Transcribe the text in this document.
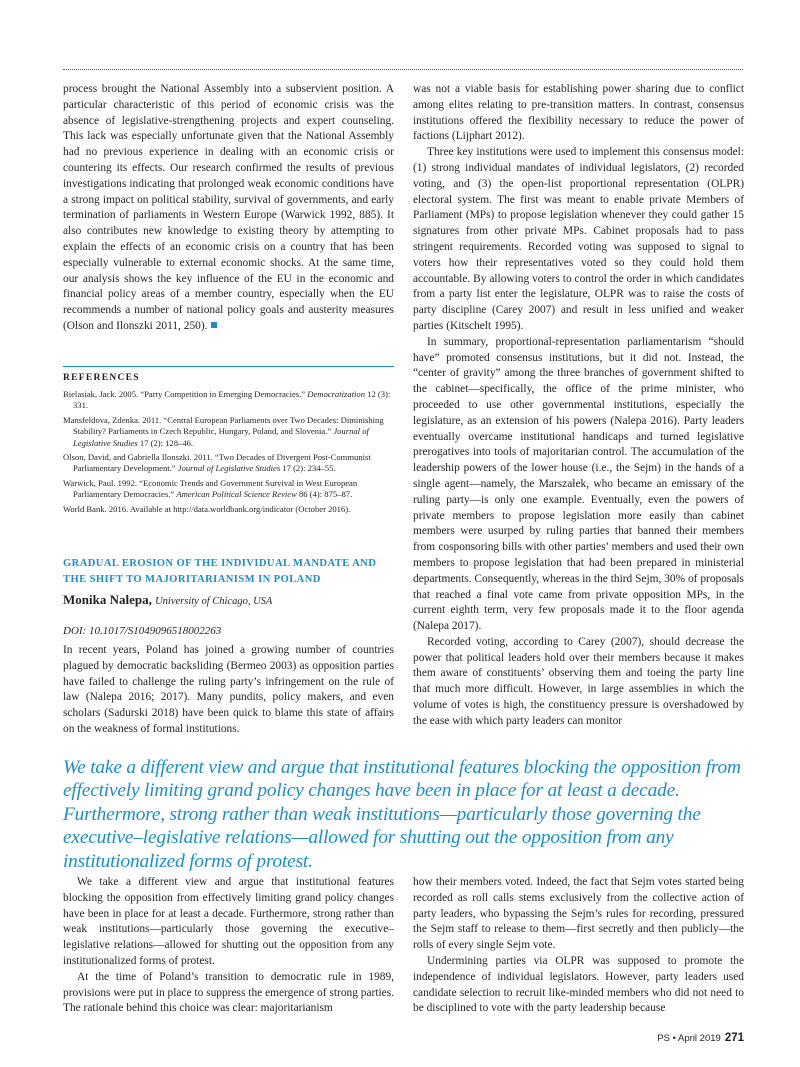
process brought the National Assembly into a subservient position. A particular characteristic of this period of economic crisis was the absence of legislative-strengthening projects and expert counseling. This lack was especially unfortunate given that the National Assembly had no previous experience in dealing with an economic crisis or countering its effects. Our research confirmed the results of previous investigations indicating that prolonged weak economic conditions have a strong impact on political stability, survival of governments, and early termination of parliaments in Western Europe (Warwick 1992, 885). It also contributes new knowledge to existing theory by attempting to explain the effects of an economic crisis on a country that has been especially vulnerable to external economic shocks. At the same time, our analysis shows the key influence of the EU in the economic and financial policy areas of a member country, especially when the EU recommends a number of national policy goals and austerity measures (Olson and Ilonszki 2011, 250).

REFERENCES

Bielasiak, Jack. 2005. “Party Competition in Emerging Democracies.” Democratization 12 (3): 331.

Mansfeldova, Zdenka. 2011. “Central European Parliaments over Two Decades: Diminishing Stability? Parliaments in Czech Republic, Hungary, Poland, and Slovenia.” Journal of Legislative Studies 17 (2): 128–46.

Olson, David, and Gabriella Ilonszki. 2011. “Two Decades of Divergent Post-Communist Parliamentary Development.” Journal of Legislative Studies 17 (2): 234–55.

Warwick, Paul. 1992. “Economic Trends and Government Survival in West European Parliamentary Democracies.” American Political Science Review 86 (4): 875–87.

World Bank. 2016. Available at http://data.worldbank.org/indicator (October 2016).

GRADUAL EROSION OF THE INDIVIDUAL MANDATE AND
THE SHIFT TO MAJORITARIANISM IN POLAND

Monika Nalepa, University of Chicago, USA

DOI: 10.1017/S1049096518002263

In recent years, Poland has joined a growing number of countries plagued by democratic backsliding (Bermeo 2003) as opposition parties have failed to challenge the ruling party’s infringement on the rule of law (Nalepa 2016; 2017). Many pundits, policy makers, and even scholars (Sadurski 2018) have been quick to blame this state of affairs on the weakness of formal institutions.

was not a viable basis for establishing power sharing due to conflict among elites relating to pre-transition matters. In contrast, consensus institutions offered the flexibility necessary to reduce the power of factions (Lijphart 2012).

Three key institutions were used to implement this consensus model: (1) strong individual mandates of individual legislators, (2) recorded voting, and (3) the open-list proportional representation (OLPR) electoral system. The first was meant to enable private Members of Parliament (MPs) to propose legislation whenever they could gather 15 signatures from other private MPs. Cabinet proposals had to pass stringent requirements. Recorded voting was supposed to signal to voters how their representatives voted so they could hold them accountable. By allowing voters to control the order in which candidates from a party list enter the legislature, OLPR was to raise the costs of party discipline (Carey 2007) and result in less unified and weaker parties (Kitschelt 1995).

In summary, proportional-representation parliamentarism “should have” promoted consensus institutions, but it did not. Instead, the “center of gravity” among the three branches of government shifted to the cabinet—specifically, the office of the prime minister, who proceeded to use other governmental institutions, especially the legislature, as an extension of his powers (Nalepa 2016). Party leaders eventually overcame institutional handicaps and turned legislative prerogatives into tools of majoritarian control. The accumulation of the leadership powers of the lower house (i.e., the Sejm) in the hands of a single agent—namely, the Marszałek, who became an emissary of the ruling party—is only one example. Eventually, even the powers of private members to propose legislation more easily than cabinet members were usurped by ruling parties that banned their members from cosponsoring bills with other parties’ members and used their own members to propose legislation that had been prepared in ministerial departments. Consequently, whereas in the third Sejm, 30% of proposals that reached a final vote came from private opposition MPs, in the current eighth term, very few proposals made it to the floor agenda (Nalepa 2017).

Recorded voting, according to Carey (2007), should decrease the power that political leaders hold over their members because it makes them aware of constituents’ observing them and toeing the party line that much more difficult. However, in large assemblies in which the volume of votes is high, the constituency pressure is overshadowed by the ease with which party leaders can monitor

We take a different view and argue that institutional features blocking the opposition from effectively limiting grand policy changes have been in place for at least a decade. Furthermore, strong rather than weak institutions—particularly those governing the executive–legislative relations—allowed for shutting out the opposition from any institutionalized forms of protest.

We take a different view and argue that institutional features blocking the opposition from effectively limiting grand policy changes have been in place for at least a decade. Furthermore, strong rather than weak institutions—particularly those governing the executive–legislative relations—allowed for shutting out the opposition from any institutionalized forms of protest.

At the time of Poland’s transition to democratic rule in 1989, provisions were put in place to suppress the emergence of strong parties. The rationale behind this choice was clear: majoritarianism

how their members voted. Indeed, the fact that Sejm votes started being recorded as roll calls stems exclusively from the collective action of party leaders, who bypassing the Sejm’s rules for recording, pressured the Sejm staff to release to them—first secretly and then publicly—the rolls of every single Sejm vote.

Undermining parties via OLPR was supposed to promote the independence of individual legislators. However, party leaders used candidate selection to recruit like-minded members who did not need to be disciplined to vote with the party leadership because

PS • April 2019 271
